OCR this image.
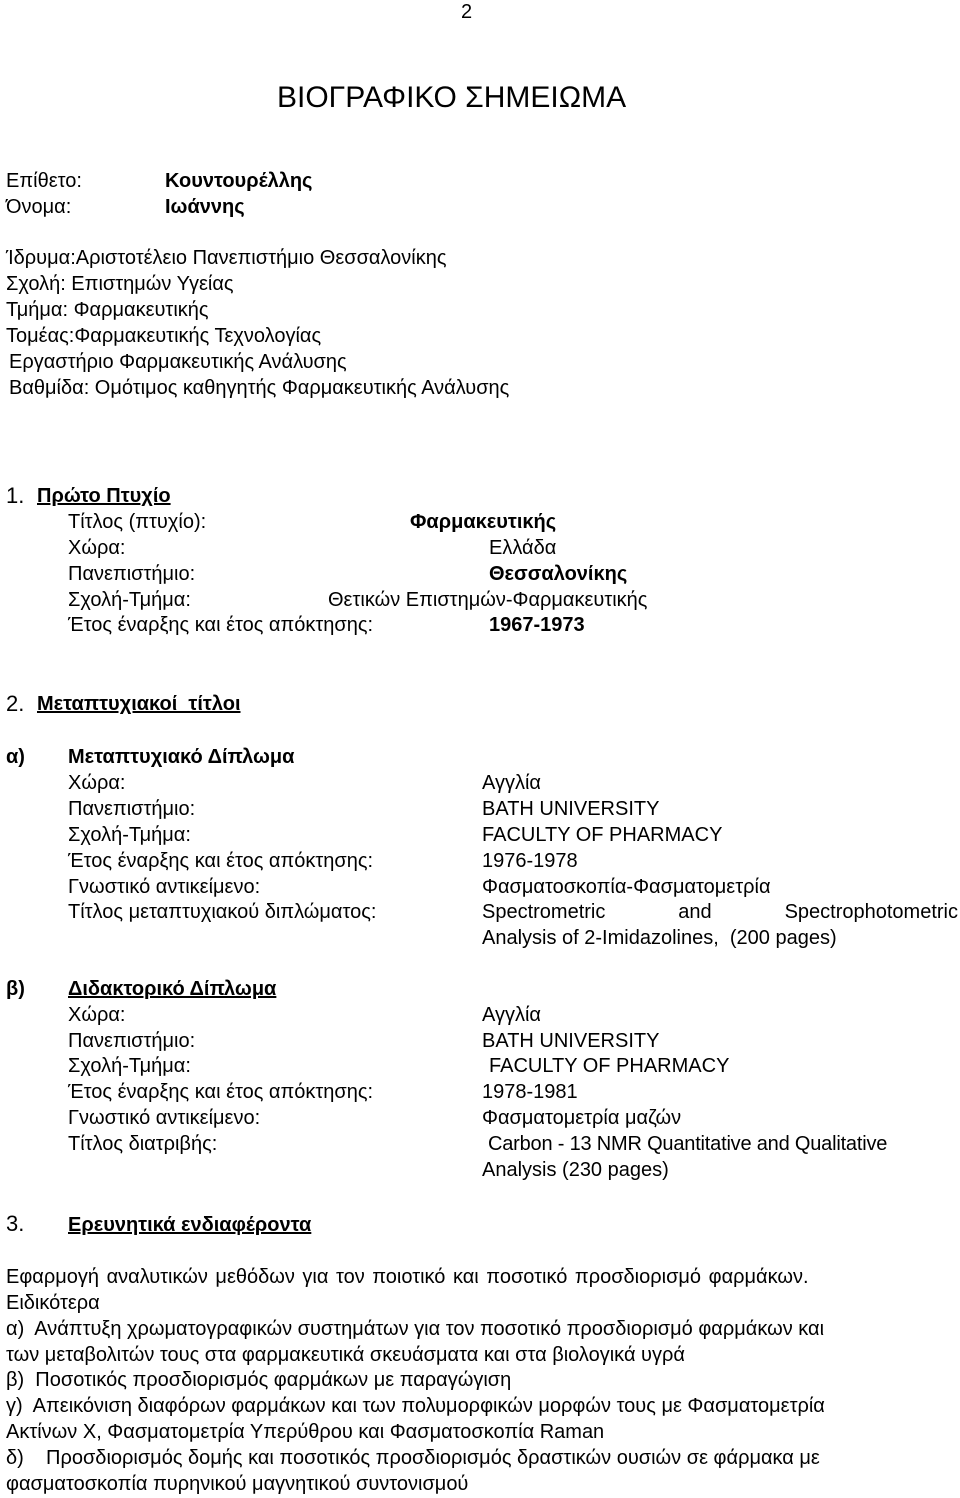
2
ΒΙΟΓΡΑΦΙΚΟ ΣΗΜΕΙΩΜΑ
Επίθετο:	Κουντουρέλλης
Όνομα:	Ιωάννης
Ίδρυμα:Αριστοτέλειο Πανεπιστήμιο Θεσσαλονίκης
Σχολή: Επιστημών Υγείας
Τμήμα: Φαρμακευτικής
Τομέας:Φαρμακευτικής Τεχνολογίας
Εργαστήριο Φαρμακευτικής Ανάλυσης
Βαθμίδα: Ομότιμος καθηγητής Φαρμακευτικής Ανάλυσης
1. Πρώτο Πτυχίο
Τίτλος (πτυχίο):	Φαρμακευτικής
Χώρα:	Ελλάδα
Πανεπιστήμιο:	Θεσσαλονίκης
Σχολή-Τμήμα:	Θετικών Επιστημών-Φαρμακευτικής
Έτος έναρξης και έτος απόκτησης:	1967-1973
2. Μεταπτυχιακοί  τίτλοι
α) Μεταπτυχιακό Δίπλωμα
Χώρα:	Αγγλία
Πανεπιστήμιο:	BATH UNIVERSITY
Σχολή-Τμήμα:	FACULTY OF PHARMACY
Έτος έναρξης και έτος απόκτησης:	1976-1978
Γνωστικό αντικείμενο:	Φασματοσκοπία-Φασματομετρία
Τίτλος μεταπτυχιακού διπλώματος:	Spectrometric	and	Spectrophotometric
Analysis of 2-Imidazolines,  (200 pages)
β) Διδακτορικό Δίπλωμα
Χώρα:	Αγγλία
Πανεπιστήμιο:	BATH UNIVERSITY
Σχολή-Τμήμα:	FACULTY OF PHARMACY
Έτος έναρξης και έτος απόκτησης:	1978-1981
Γνωστικό αντικείμενο:	Φασματομετρία μαζών
Τίτλος διατριβής:	Carbon - 13 NMR Quantitative and Qualitative
Analysis (230 pages)
3. Ερευνητικά ενδιαφέροντα
Εφαρμογή αναλυτικών μεθόδων για τον ποιοτικό και ποσοτικό προσδιορισμό φαρμάκων.
Ειδικότερα
α)  Ανάπτυξη χρωματογραφικών συστημάτων για τον ποσοτικό προσδιορισμό φαρμάκων και
των μεταβολιτών τους στα φαρμακευτικά σκευάσματα και στα βιολογικά υγρά
β)  Ποσοτικός προσδιορισμός φαρμάκων με παραγώγιση
γ)  Απεικόνιση διαφόρων φαρμάκων και των πολυμορφικών μορφών τους με Φασματομετρία
Ακτίνων Χ, Φασματομετρία Υπερύθρου και Φασματοσκοπία Raman
δ)    Προσδιορισμός δομής και ποσοτικός προσδιορισμός δραστικών ουσιών σε φάρμακα με
φασματοσκοπία πυρηνικού μαγνητικού συντονισμού
